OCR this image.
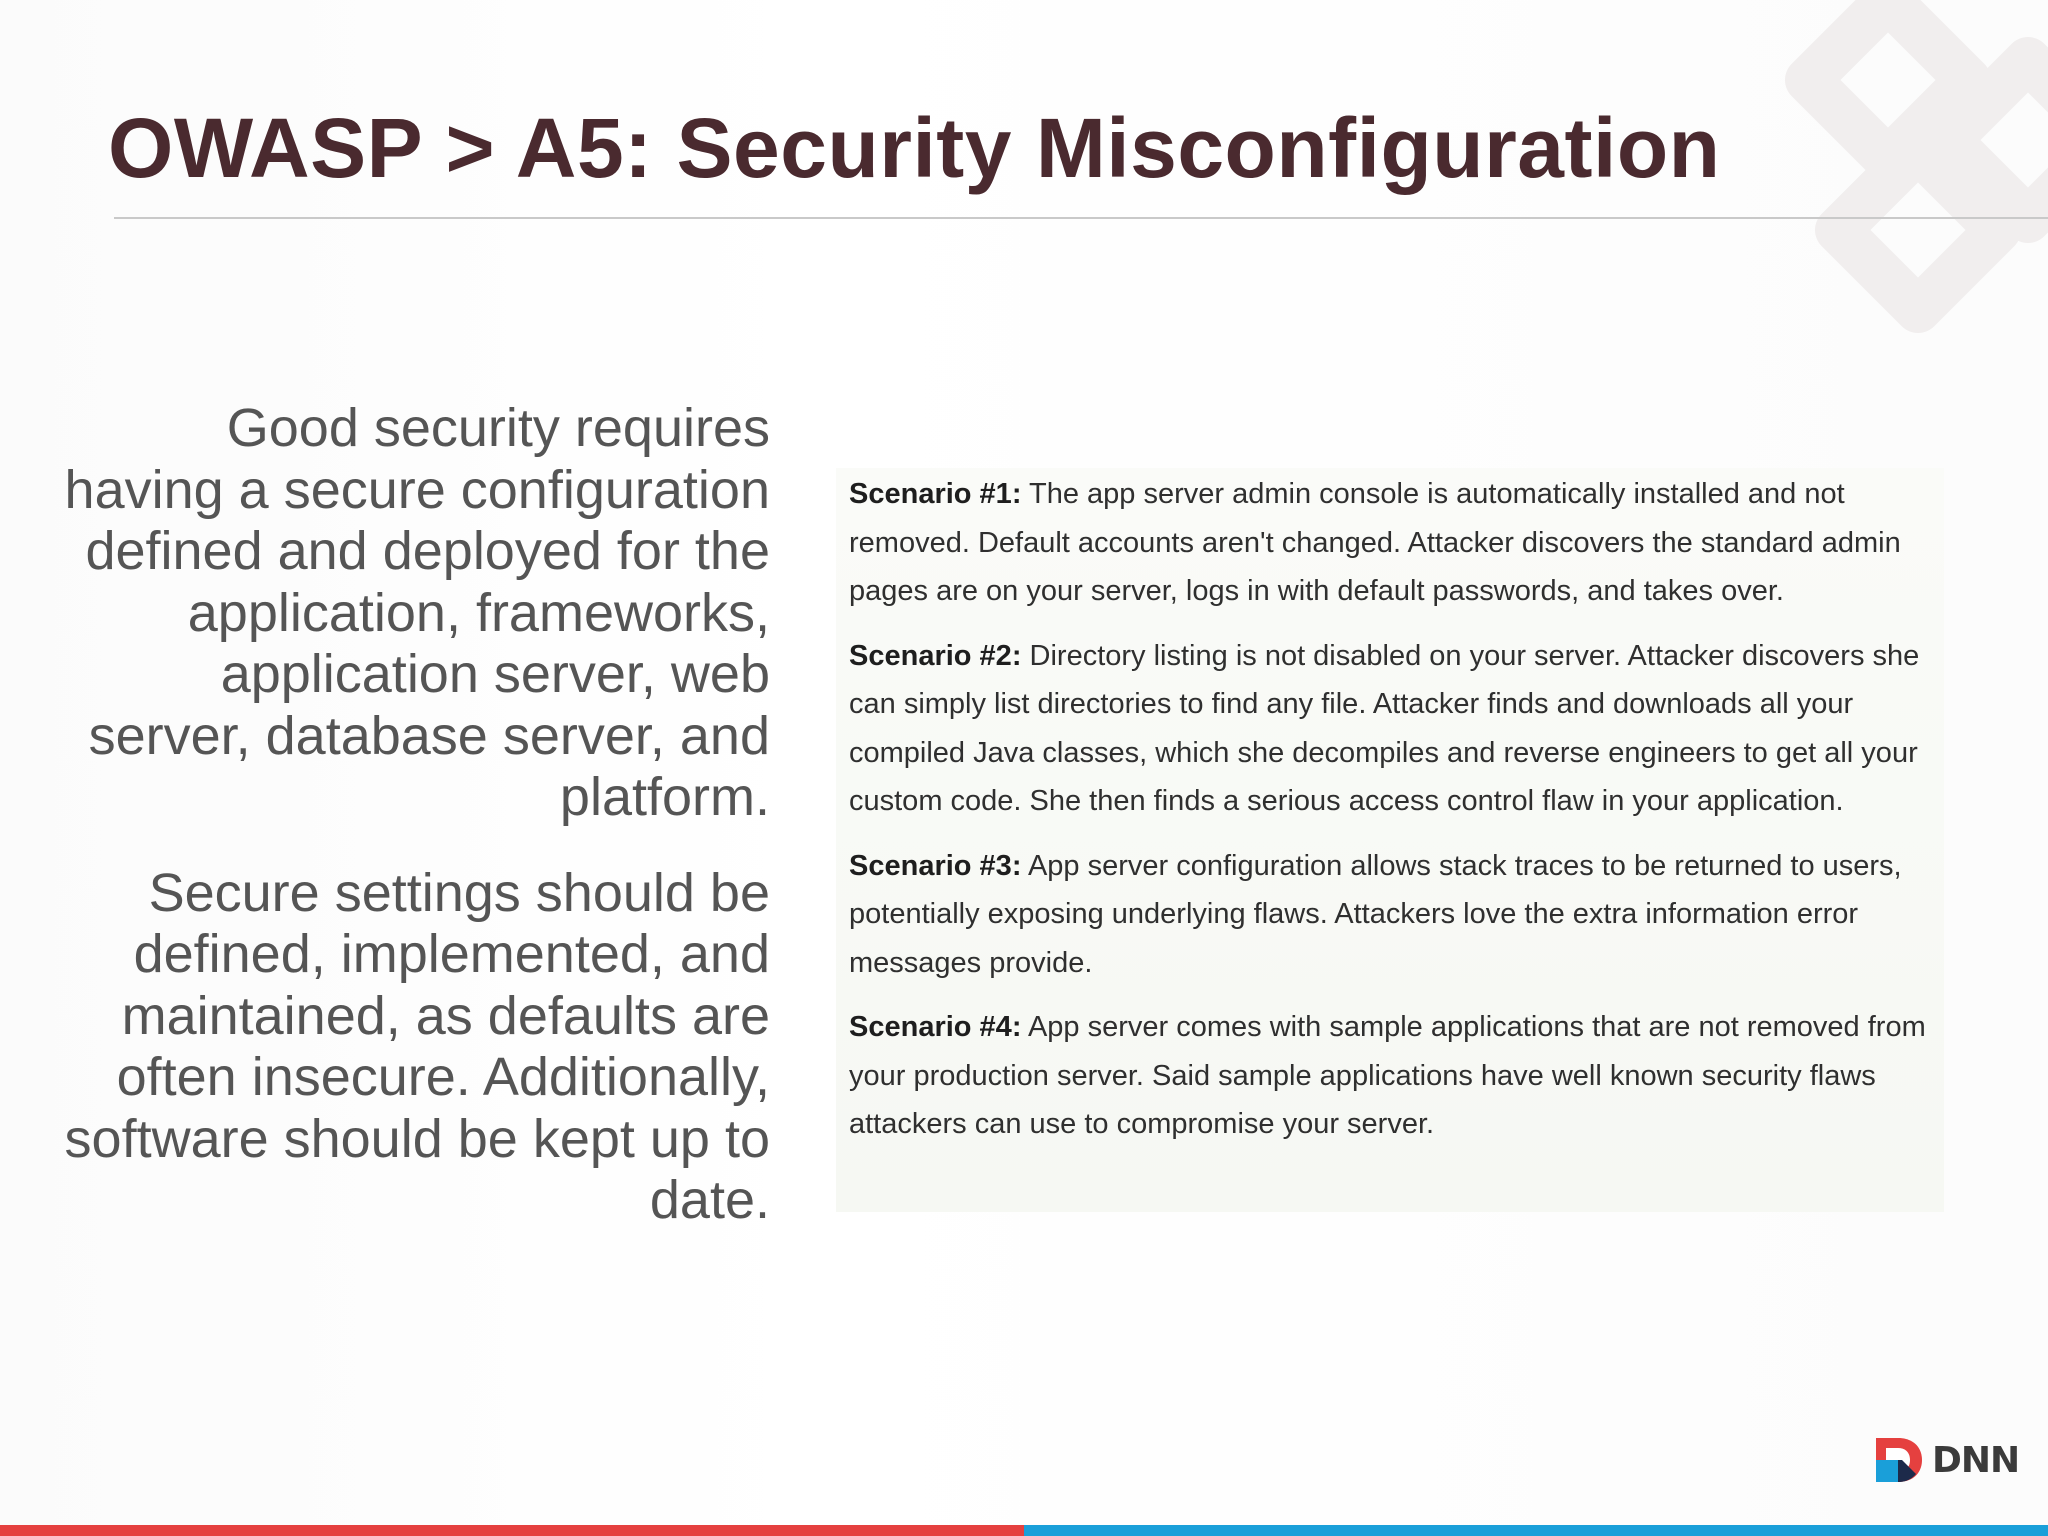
OWASP > A5: Security Misconfiguration

Good security requires having a secure configuration defined and deployed for the application, frameworks, application server, web server, database server, and platform.

Secure settings should be defined, implemented, and maintained, as defaults are often insecure. Additionally, software should be kept up to date.

Scenario #1: The app server admin console is automatically installed and not removed. Default accounts aren't changed. Attacker discovers the standard admin pages are on your server, logs in with default passwords, and takes over.

Scenario #2: Directory listing is not disabled on your server. Attacker discovers she can simply list directories to find any file. Attacker finds and downloads all your compiled Java classes, which she decompiles and reverse engineers to get all your custom code. She then finds a serious access control flaw in your application.

Scenario #3: App server configuration allows stack traces to be returned to users, potentially exposing underlying flaws. Attackers love the extra information error messages provide.

Scenario #4: App server comes with sample applications that are not removed from your production server. Said sample applications have well known security flaws attackers can use to compromise your server.

DNN
